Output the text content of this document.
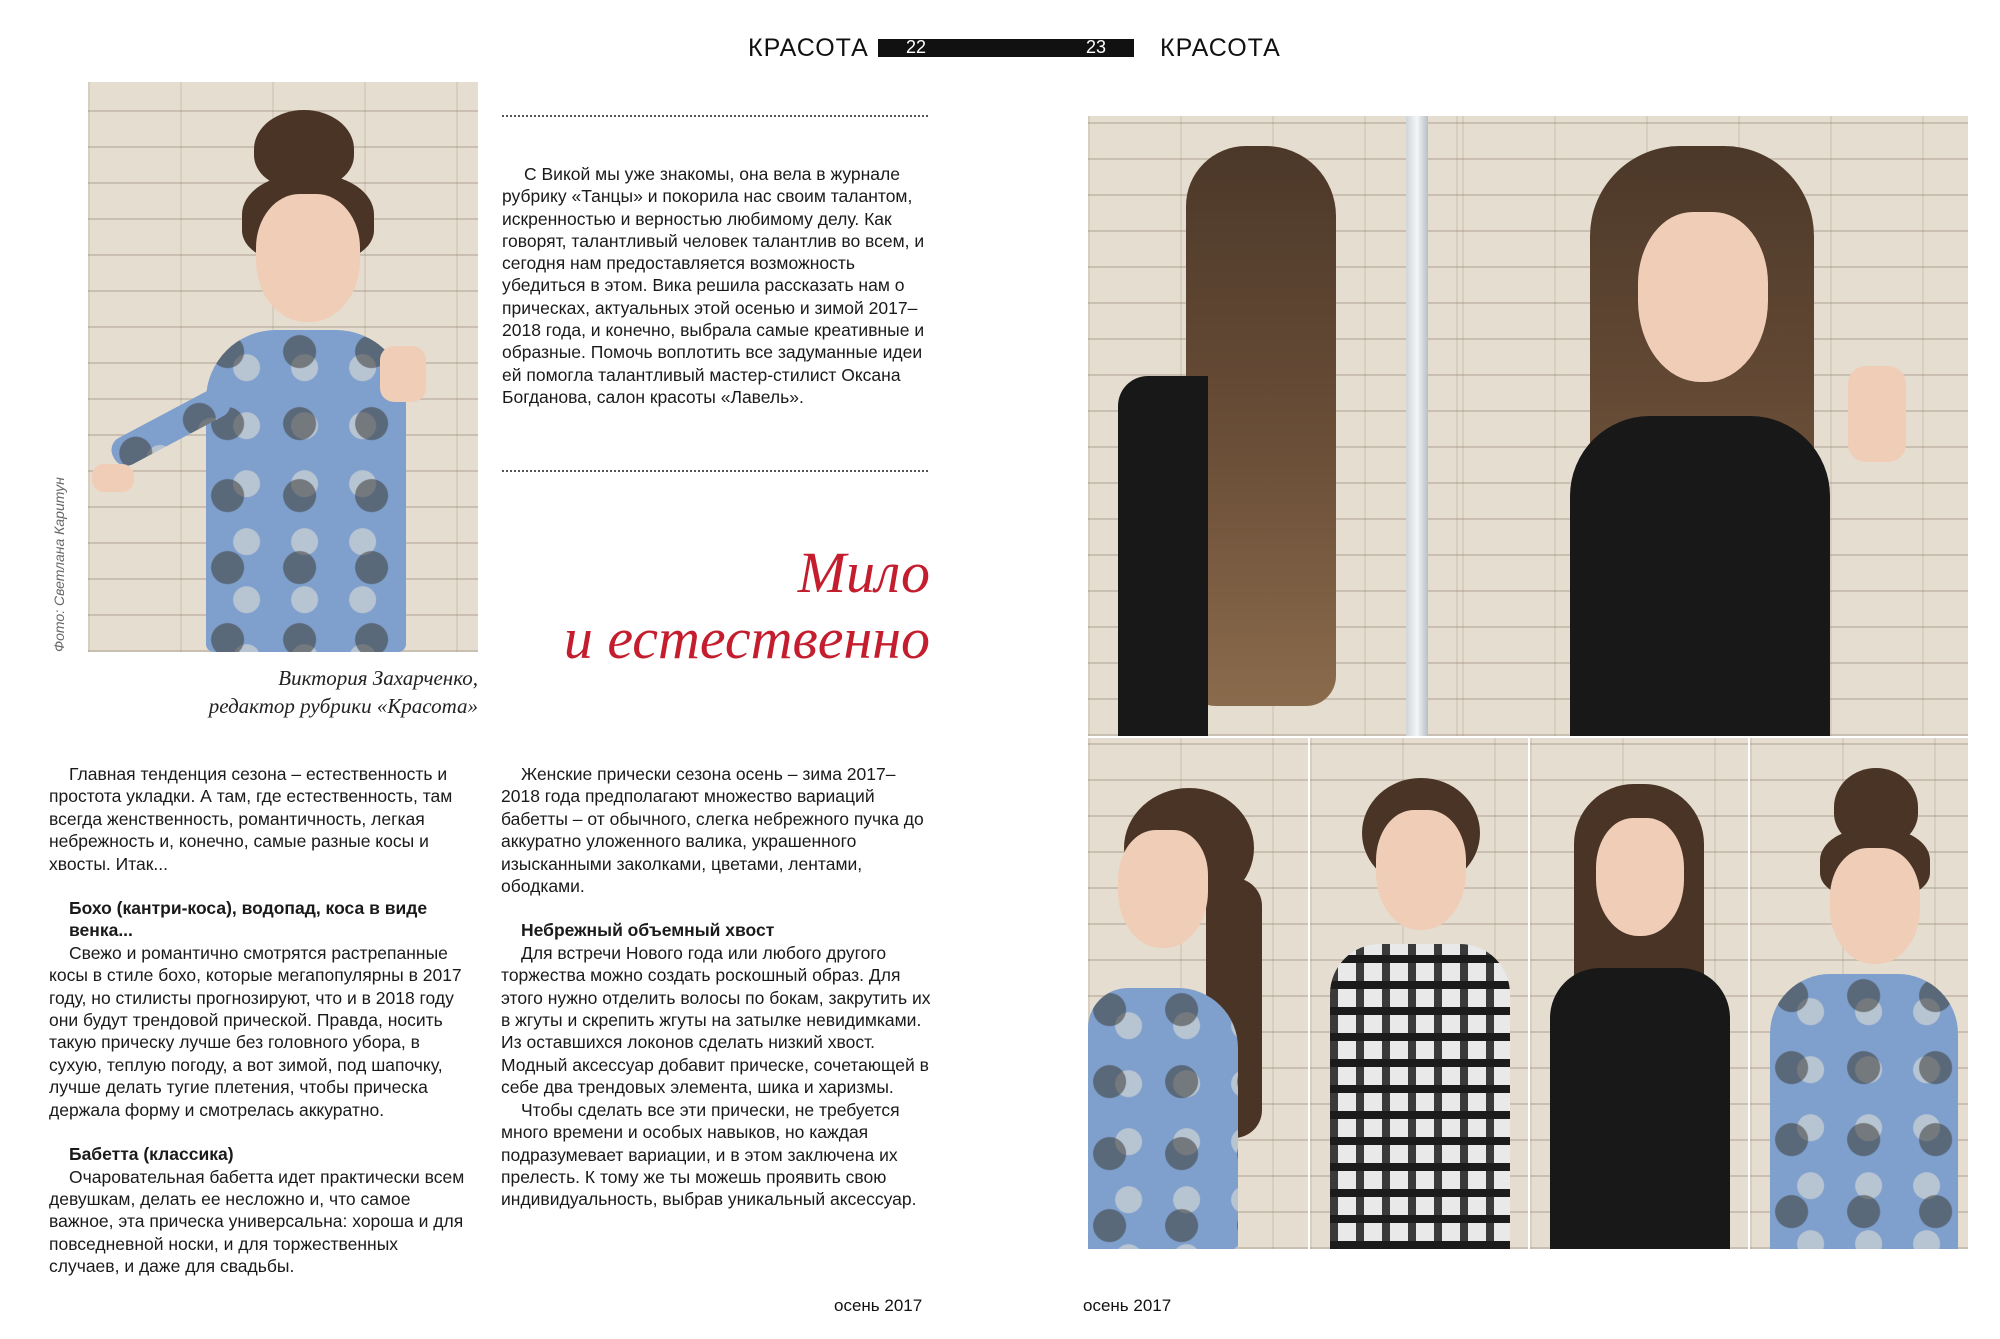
КРАСОТА 22	23 КРАСОТА
Фото: Светлана Каритун
Виктория Захарченко,
редактор рубрики «Красота»

С Викой мы уже знакомы, она вела в журнале рубрику «Танцы» и покорила нас своим талантом, искренностью и верностью любимому делу. Как говорят, талантливый человек талантлив во всем, и сегодня нам предоставляется возможность убедиться в этом. Вика решила рассказать нам о прическах, актуальных этой осенью и зимой 2017–2018 года, и конечно, выбрала самые креативные и образные. Помочь воплотить все задуманные идеи ей помогла талантливый мастер-стилист Оксана Богданова, салон красоты «Лавель».

Мило
и естественно

Главная тенденция сезона – естественность и простота укладки. А там, где естественность, там всегда женственность, романтичность, легкая небрежность и, конечно, самые разные косы и хвосты. Итак...

Бохо (кантри-коса), водопад, коса в виде венка...

Свежо и романтично смотрятся растрепанные косы в стиле бохо, которые мегапопулярны в 2017 году, но стилисты прогнозируют, что и в 2018 году они будут трендовой прической. Правда, носить такую прическу лучше без головного убора, в сухую, теплую погоду, а вот зимой, под шапочку, лучше делать тугие плетения, чтобы прическа держала форму и смотрелась аккуратно.

Бабетта (классика)

Очаровательная бабетта идет практически всем девушкам, делать ее несложно и, что самое важное, эта прическа универсальна: хороша и для повседневной носки, и для торжественных случаев, и даже для свадьбы.

Женские прически сезона осень – зима 2017–2018 года предполагают множество вариаций бабетты – от обычного, слегка небрежного пучка до аккуратно уложенного валика, украшенного изысканными заколками, цветами, лентами, ободками.

Небрежный объемный хвост

Для встречи Нового года или любого другого торжества можно создать роскошный образ. Для этого нужно отделить волосы по бокам, закрутить их в жгуты и скрепить жгуты на затылке невидимками. Из оставшихся локонов сделать низкий хвост. Модный аксессуар добавит прическе, сочетающей в себе два трендовых элемента, шика и харизмы.

Чтобы сделать все эти прически, не требуется много времени и особых навыков, но каждая подразумевает вариации, и в этом заключена их прелесть. К тому же ты можешь проявить свою индивидуальность, выбрав уникальный аксессуар.

осень 2017	осень 2017
